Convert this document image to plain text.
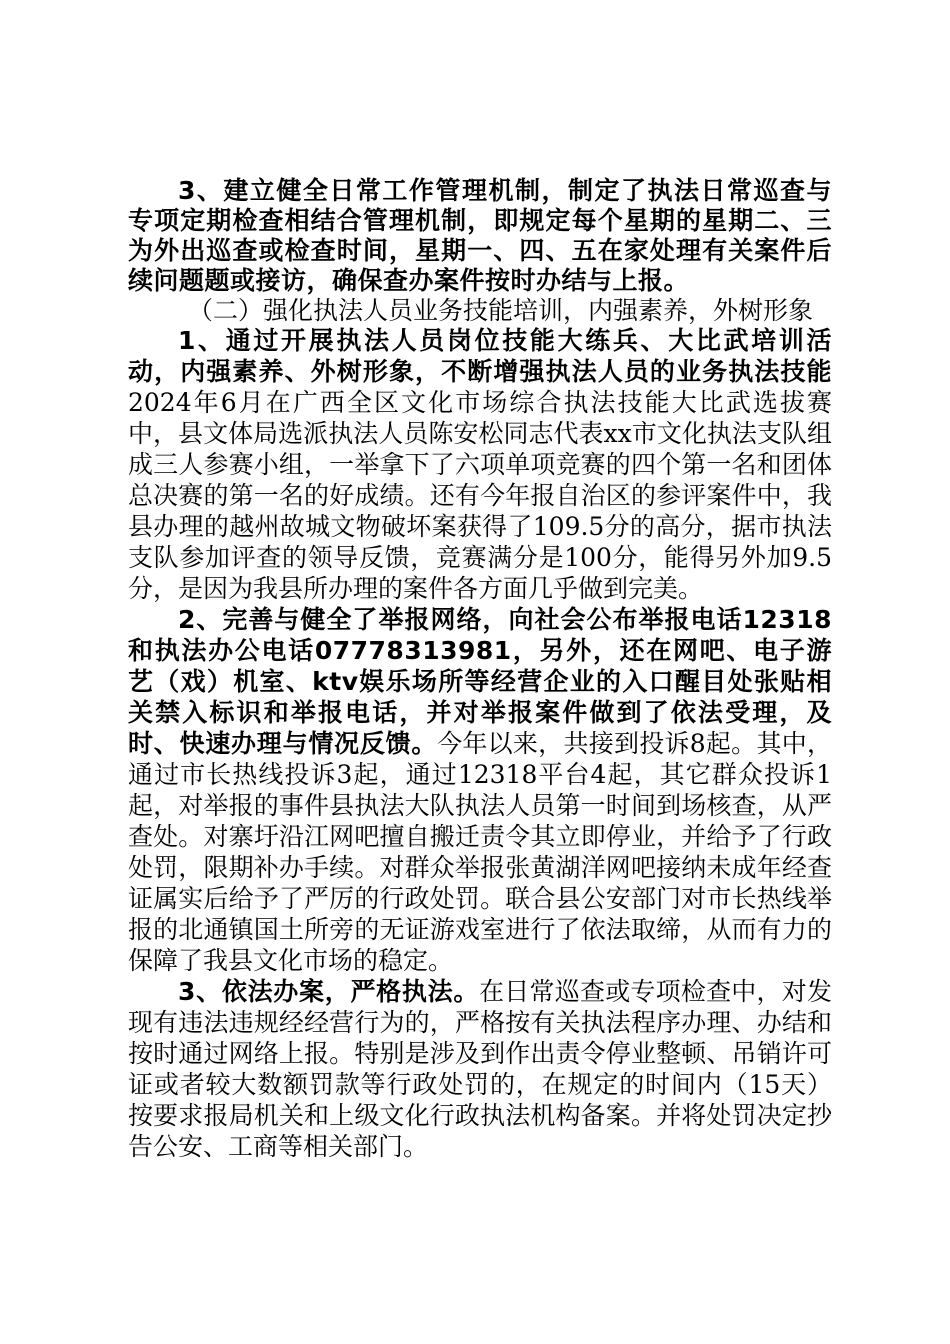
3、建立健全日常工作管理机制，制定了执法日常巡查与专项定期检查相结合管理机制，即规定每个星期的星期二、三为外出巡查或检查时间，星期一、四、五在家处理有关案件后续问题题或接访，确保查办案件按时办结与上报。

（二）强化执法人员业务技能培训，内强素养，外树形象

1、通过开展执法人员岗位技能大练兵、大比武培训活动，内强素养、外树形象，不断增强执法人员的业务执法技能2024年6月在广西全区文化市场综合执法技能大比武选拔赛中，县文体局选派执法人员陈安松同志代表xx市文化执法支队组成三人参赛小组，一举拿下了六项单项竞赛的四个第一名和团体总决赛的第一名的好成绩。还有今年报自治区的参评案件中，我县办理的越州故城文物破坏案获得了109.5分的高分，据市执法支队参加评查的领导反馈，竞赛满分是100分，能得另外加9.5分，是因为我县所办理的案件各方面几乎做到完美。

2、完善与健全了举报网络，向社会公布举报电话12318和执法办公电话07778313981，另外，还在网吧、电子游艺（戏）机室、ktv娱乐场所等经营企业的入口醒目处张贴相关禁入标识和举报电话，并对举报案件做到了依法受理，及时、快速办理与情况反馈。今年以来，共接到投诉8起。其中，通过市长热线投诉3起，通过12318平台4起，其它群众投诉1起，对举报的事件县执法大队执法人员第一时间到场核查，从严查处。对寨圩沿江网吧擅自搬迁责令其立即停业，并给予了行政处罚，限期补办手续。对群众举报张黄湖洋网吧接纳未成年经查证属实后给予了严厉的行政处罚。联合县公安部门对市长热线举报的北通镇国土所旁的无证游戏室进行了依法取缔，从而有力的保障了我县文化市场的稳定。

3、依法办案，严格执法。在日常巡查或专项检查中，对发现有违法违规经经营行为的，严格按有关执法程序办理、办结和按时通过网络上报。特别是涉及到作出责令停业整顿、吊销许可证或者较大数额罚款等行政处罚的，在规定的时间内（15天）按要求报局机关和上级文化行政执法机构备案。并将处罚决定抄告公安、工商等相关部门。
